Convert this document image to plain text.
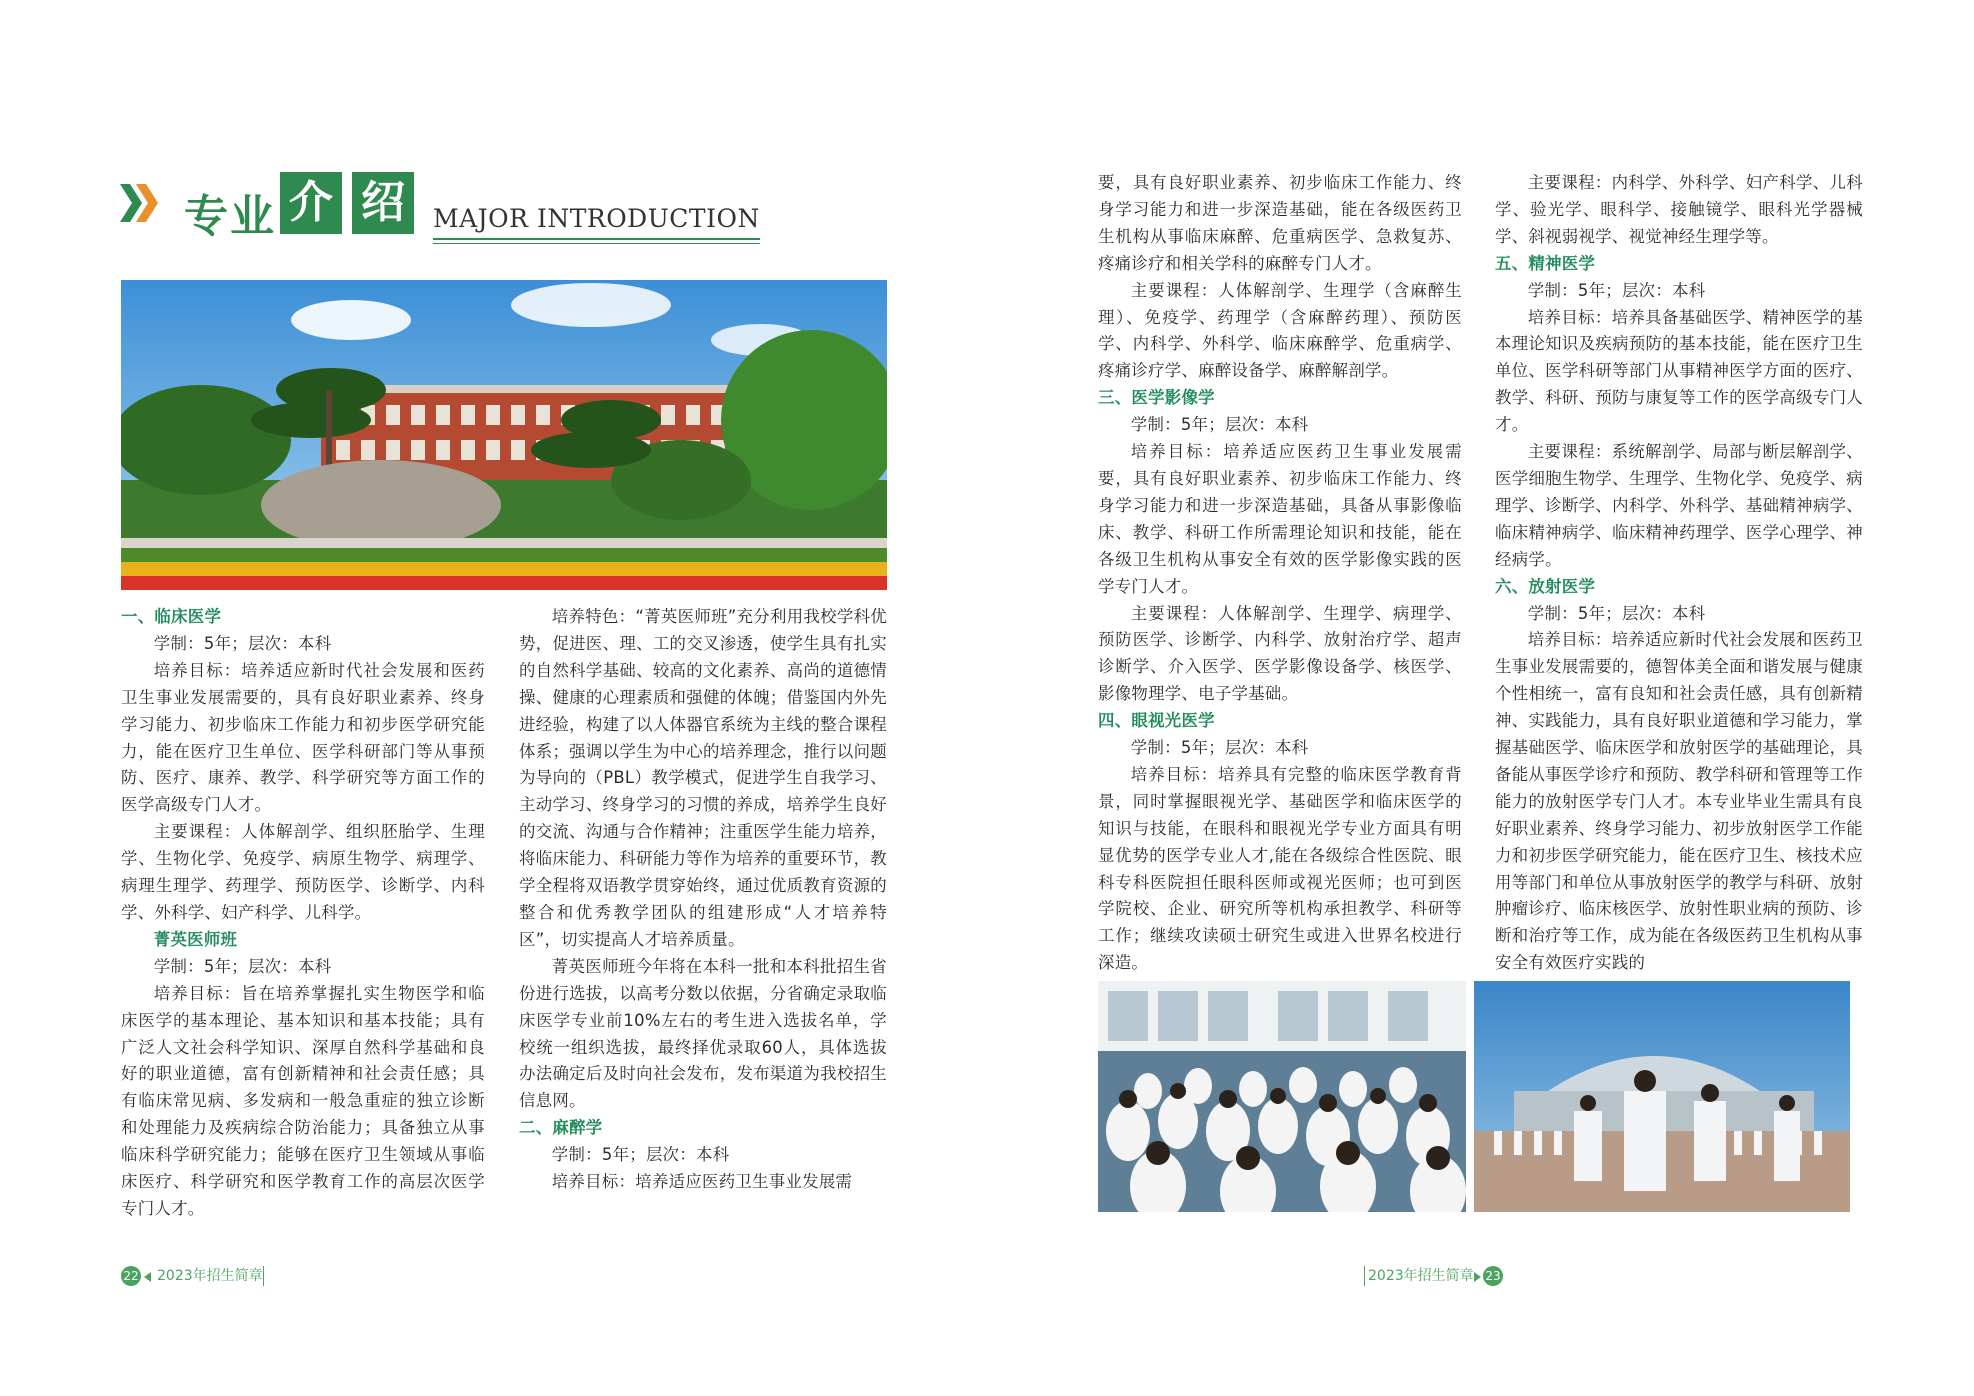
专业 介 绍	MAJOR INTRODUCTION
一、临床医学

学制：5年；层次：本科

培养目标：培养适应新时代社会发展和医药卫生事业发展需要的，具有良好职业素养、终身学习能力、初步临床工作能力和初步医学研究能力，能在医疗卫生单位、医学科研部门等从事预防、医疗、康养、教学、科学研究等方面工作的医学高级专门人才。

主要课程：人体解剖学、组织胚胎学、生理学、生物化学、免疫学、病原生物学、病理学、病理生理学、药理学、预防医学、诊断学、内科学、外科学、妇产科学、儿科学。

菁英医师班

学制：5年；层次：本科

培养目标：旨在培养掌握扎实生物医学和临床医学的基本理论、基本知识和基本技能；具有广泛人文社会科学知识、深厚自然科学基础和良好的职业道德，富有创新精神和社会责任感；具有临床常见病、多发病和一般急重症的独立诊断和处理能力及疾病综合防治能力；具备独立从事临床科学研究能力；能够在医疗卫生领域从事临床医疗、科学研究和医学教育工作的高层次医学专门人才。

培养特色：“菁英医师班”充分利用我校学科优势，促进医、理、工的交叉渗透，使学生具有扎实的自然科学基础、较高的文化素养、高尚的道德情操、健康的心理素质和强健的体魄；借鉴国内外先进经验，构建了以人体器官系统为主线的整合课程体系；强调以学生为中心的培养理念，推行以问题为导向的（PBL）教学模式，促进学生自我学习、主动学习、终身学习的习惯的养成，培养学生良好的交流、沟通与合作精神；注重医学生能力培养，将临床能力、科研能力等作为培养的重要环节，教学全程将双语教学贯穿始终，通过优质教育资源的整合和优秀教学团队的组建形成“人才培养特区”，切实提高人才培养质量。

菁英医师班今年将在本科一批和本科批招生省份进行选拔，以高考分数以依据，分省确定录取临床医学专业前10%左右的考生进入选拔名单，学校统一组织选拔，最终择优录取60人，具体选拔办法确定后及时向社会发布，发布渠道为我校招生信息网。

二、麻醉学

学制：5年；层次：本科

培养目标：培养适应医药卫生事业发展需

22 2023年招生简章

要，具有良好职业素养、初步临床工作能力、终身学习能力和进一步深造基础，能在各级医药卫生机构从事临床麻醉、危重病医学、急救复苏、疼痛诊疗和相关学科的麻醉专门人才。

主要课程：人体解剖学、生理学（含麻醉生理）、免疫学、药理学（含麻醉药理）、预防医学、内科学、外科学、临床麻醉学、危重病学、疼痛诊疗学、麻醉设备学、麻醉解剖学。

三、医学影像学

学制：5年；层次：本科

培养目标：培养适应医药卫生事业发展需要，具有良好职业素养、初步临床工作能力、终身学习能力和进一步深造基础，具备从事影像临床、教学、科研工作所需理论知识和技能，能在各级卫生机构从事安全有效的医学影像实践的医学专门人才。

主要课程：人体解剖学、生理学、病理学、预防医学、诊断学、内科学、放射治疗学、超声诊断学、介入医学、医学影像设备学、核医学、影像物理学、电子学基础。

四、眼视光医学

学制：5年；层次：本科

培养目标：培养具有完整的临床医学教育背景，同时掌握眼视光学、基础医学和临床医学的知识与技能，在眼科和眼视光学专业方面具有明显优势的医学专业人才,能在各级综合性医院、眼科专科医院担任眼科医师或视光医师；也可到医学院校、企业、研究所等机构承担教学、科研等工作；继续攻读硕士研究生或进入世界名校进行深造。

主要课程：内科学、外科学、妇产科学、儿科学、验光学、眼科学、接触镜学、眼科光学器械学、斜视弱视学、视觉神经生理学等。

五、精神医学

学制：5年；层次：本科

培养目标：培养具备基础医学、精神医学的基本理论知识及疾病预防的基本技能，能在医疗卫生单位、医学科研等部门从事精神医学方面的医疗、教学、科研、预防与康复等工作的医学高级专门人才。

主要课程：系统解剖学、局部与断层解剖学、医学细胞生物学、生理学、生物化学、免疫学、病理学、诊断学、内科学、外科学、基础精神病学、临床精神病学、临床精神药理学、医学心理学、神经病学。

六、放射医学

学制：5年；层次：本科

培养目标：培养适应新时代社会发展和医药卫生事业发展需要的，德智体美全面和谐发展与健康个性相统一，富有良知和社会责任感，具有创新精神、实践能力，具有良好职业道德和学习能力，掌握基础医学、临床医学和放射医学的基础理论，具备能从事医学诊疗和预防、教学科研和管理等工作能力的放射医学专门人才。本专业毕业生需具有良好职业素养、终身学习能力、初步放射医学工作能力和初步医学研究能力，能在医疗卫生、核技术应用等部门和单位从事放射医学的教学与科研、放射肿瘤诊疗、临床核医学、放射性职业病的预防、诊断和治疗等工作，成为能在各级医药卫生机构从事安全有效医疗实践的

2023年招生简章 23
